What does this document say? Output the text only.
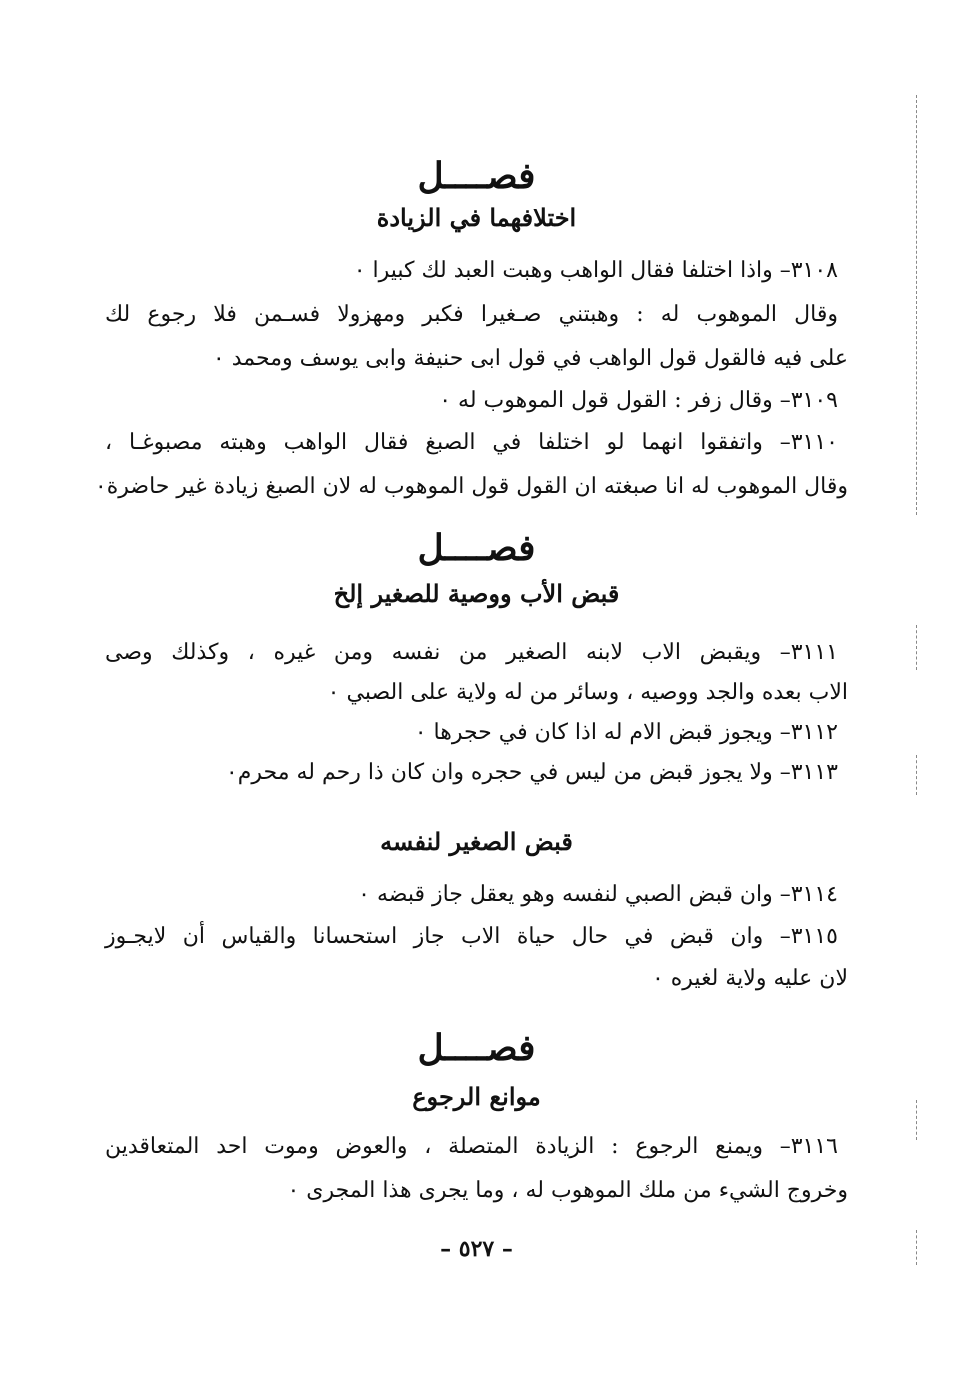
فصــــل
اختلافهما في الزيادة
٣١٠٨– واذا اختلفا فقال الواهب وهبت العبد لك كبيرا ٠
وقال الموهوب له : وهبتني صـغيرا فكبر ومهزولا فسـمن فلا رجوع لك
على فيه فالقول قول الواهب في قول ابى حنيفة وابى يوسف ومحمد ٠
٣١٠٩– وقال زفر : القول قول الموهوب له ٠
٣١١٠– واتفقوا انهما لو اختلفا في الصبغ فقال الواهب وهبته مصبوغـا ،
وقال الموهوب له انا صبغته ان القول قول الموهوب له لان الصبغ زيادة غير حاضرة٠
فصــــل
قبض الأب ووصية للصغير إلخ
٣١١١– ويقبض الاب لابنه الصغير من نفسه ومن غيره ، وكذلك وصى
الاب بعده والجد ووصيه ، وسائر من له ولاية على الصبي ٠
٣١١٢– ويجوز قبض الام له اذا كان في حجرها ٠
٣١١٣– ولا يجوز قبض من ليس في حجره وان كان ذا رحم له محرم٠
قبض الصغير لنفسه
٣١١٤– وان قبض الصبي لنفسه وهو يعقل جاز قبضه ٠
٣١١٥– وان قبض في حال حياة الاب جاز استحسانا والقياس أن لايجـوز
لان عليه ولاية لغيره ٠
فصــــل
موانع الرجوع
٣١١٦– ويمنع الرجوع : الزيادة المتصلة ، والعوض وموت احد المتعاقدين
وخروج الشيء من ملك الموهوب له ، وما يجرى هذا المجرى ٠
– ٥٢٧ –
